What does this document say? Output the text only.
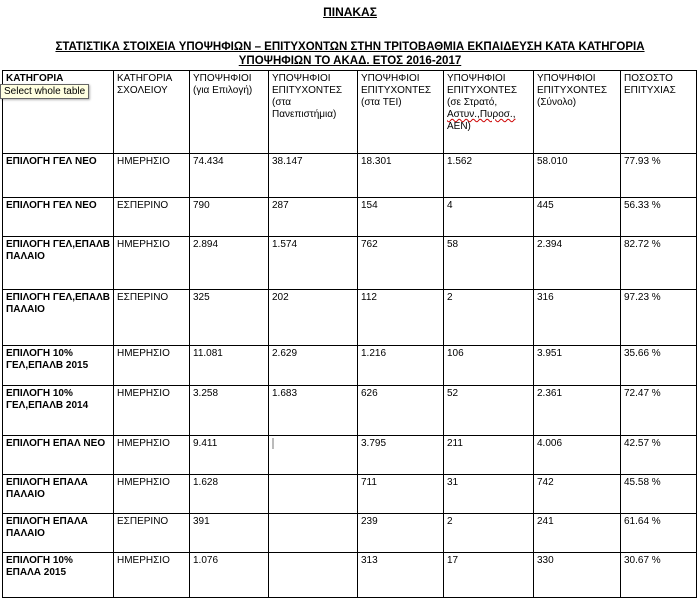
ΠΙΝΑΚΑΣ
ΣΤΑΤΙΣΤΙΚΑ ΣΤΟΙΧΕΙΑ ΥΠΟΨΗΦΙΩΝ – ΕΠΙΤΥΧΟΝΤΩΝ ΣΤΗΝ ΤΡΙΤΟΒΑΘΜΙΑ ΕΚΠΑΙΔΕΥΣΗ ΚΑΤΑ ΚΑΤΗΓΟΡΙΑ
ΥΠΟΨΗΦΙΩΝ ΤΟ ΑΚΑΔ. ΕΤΟΣ 2016-2017
ΚΑΤΗΓΟΡΙΑ	ΚΑΤΗΓΟΡΙΑ ΣΧΟΛΕΙΟΥ	ΥΠΟΨΗΦΙΟΙ (για Επιλογή)	ΥΠΟΨΗΦΙΟΙ ΕΠΙΤΥΧΟΝΤΕΣ (στα Πανεπιστήμια)	ΥΠΟΨΗΦΙΟΙ ΕΠΙΤΥΧΟΝΤΕΣ (στα ΤΕΙ)	ΥΠΟΨΗΦΙΟΙ ΕΠΙΤΥΧΟΝΤΕΣ (σε Στρατό,
Αστυν.,Πυροσ.,
ΑΕΝ)	ΥΠΟΨΗΦΙΟΙ ΕΠΙΤΥΧΟΝΤΕΣ (Σύνολο)	ΠΟΣΟΣΤΟ ΕΠΙΤΥΧΙΑΣ
ΕΠΙΛΟΓΗ ΓΕΛ ΝΕΟ	ΗΜΕΡΗΣΙΟ	74.434	38.147	18.301	1.562	58.010	77.93 %
ΕΠΙΛΟΓΗ ΓΕΛ ΝΕΟ	ΕΣΠΕΡΙΝΟ	790	287	154	4	445	56.33 %
ΕΠΙΛΟΓΗ ΓΕΛ,ΕΠΑΛΒ ΠΑΛΑΙΟ	ΗΜΕΡΗΣΙΟ	2.894	1.574	762	58	2.394	82.72 %
ΕΠΙΛΟΓΗ ΓΕΛ,ΕΠΑΛΒ ΠΑΛΑΙΟ	ΕΣΠΕΡΙΝΟ	325	202	112	2	316	97.23 %
ΕΠΙΛΟΓΗ 10% ΓΕΛ,ΕΠΑΛΒ 2015	ΗΜΕΡΗΣΙΟ	11.081	2.629	1.216	106	3.951	35.66 %
ΕΠΙΛΟΓΗ 10% ΓΕΛ,ΕΠΑΛΒ 2014	ΗΜΕΡΗΣΙΟ	3.258	1.683	626	52	2.361	72.47 %
ΕΠΙΛΟΓΗ ΕΠΑΛ ΝΕΟ	ΗΜΕΡΗΣΙΟ	9.411		3.795	211	4.006	42.57 %
ΕΠΙΛΟΓΗ ΕΠΑΛΑ ΠΑΛΑΙΟ	ΗΜΕΡΗΣΙΟ	1.628		711	31	742	45.58 %
ΕΠΙΛΟΓΗ ΕΠΑΛΑ ΠΑΛΑΙΟ	ΕΣΠΕΡΙΝΟ	391		239	2	241	61.64 %
ΕΠΙΛΟΓΗ 10% ΕΠΑΛΑ 2015	ΗΜΕΡΗΣΙΟ	1.076		313	17	330	30.67 %
Select whole table
